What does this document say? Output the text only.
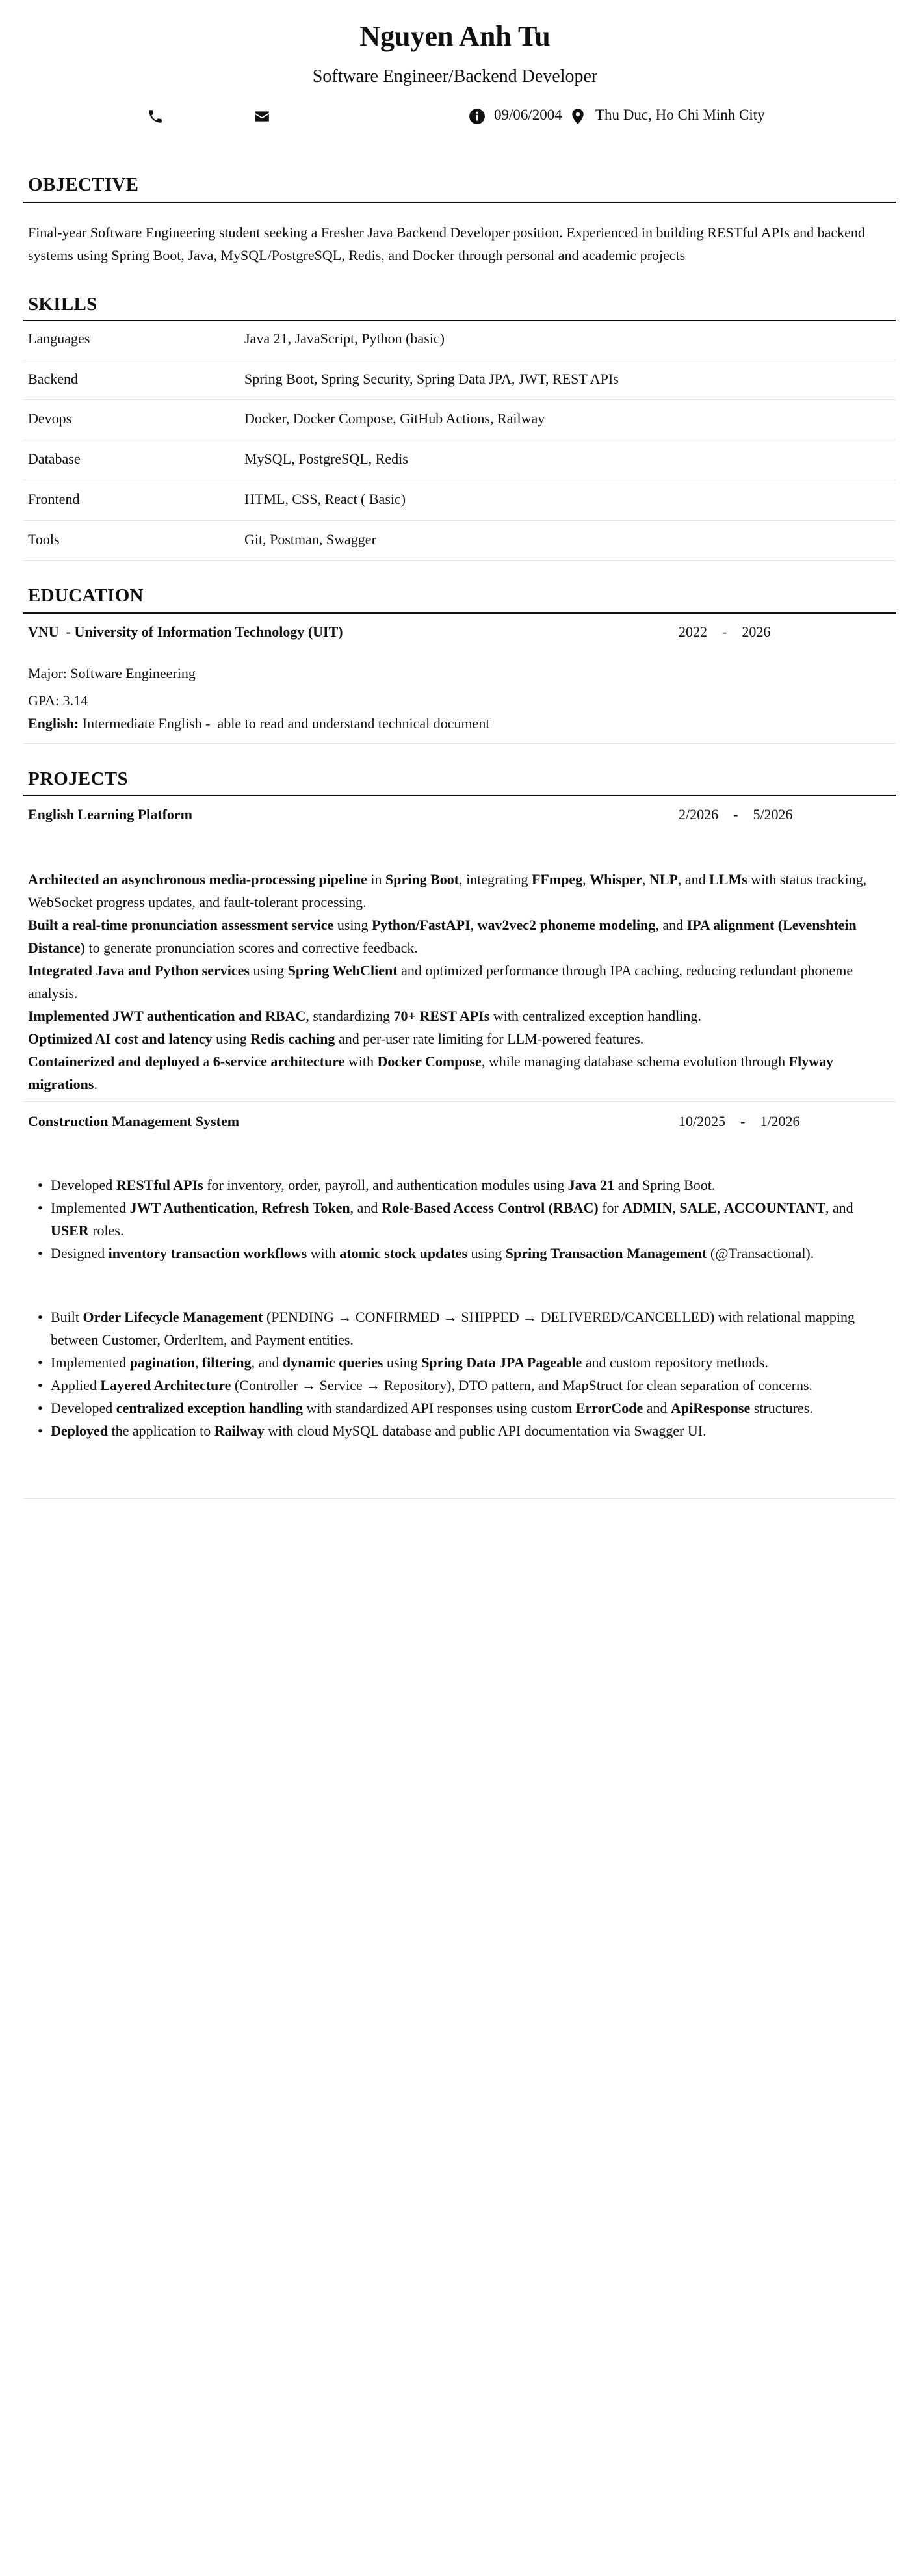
Nguyen Anh Tu
Software Engineer/Backend Developer
09/06/2004 Thu Duc, Ho Chi Minh City
OBJECTIVE
Final-year Software Engineering student seeking a Fresher Java Backend Developer position. Experienced in building RESTful APIs and backend systems using Spring Boot, Java, MySQL/PostgreSQL, Redis, and Docker through personal and academic projects
SKILLS
Languages	Java 21, JavaScript, Python (basic)
Backend	Spring Boot, Spring Security, Spring Data JPA, JWT, REST APIs
Devops	Docker, Docker Compose, GitHub Actions, Railway
Database	MySQL, PostgreSQL, Redis
Frontend	HTML, CSS, React ( Basic)
Tools	Git, Postman, Swagger
EDUCATION
VNU  - University of Information Technology (UIT)	2022  -  2026
Major: Software Engineering
GPA: 3.14
English: Intermediate English -  able to read and understand technical document
PROJECTS
English Learning Platform	2/2026  -  5/2026

Architected an asynchronous media-processing pipeline in Spring Boot, integrating FFmpeg, Whisper, NLP, and LLMs with status tracking, WebSocket progress updates, and fault-tolerant processing.

Built a real-time pronunciation assessment service using Python/FastAPI, wav2vec2 phoneme modeling, and IPA alignment (Levenshtein Distance) to generate pronunciation scores and corrective feedback.

Integrated Java and Python services using Spring WebClient and optimized performance through IPA caching, reducing redundant phoneme analysis.

Implemented JWT authentication and RBAC, standardizing 70+ REST APIs with centralized exception handling.

Optimized AI cost and latency using Redis caching and per-user rate limiting for LLM-powered features.

Containerized and deployed a 6-service architecture with Docker Compose, while managing database schema evolution through Flyway migrations.

Construction Management System	10/2025  -  1/2026
• Developed RESTful APIs for inventory, order, payroll, and authentication modules using Java 21 and Spring Boot.
• Implemented JWT Authentication, Refresh Token, and Role-Based Access Control (RBAC) for ADMIN, SALE, ACCOUNTANT, and USER roles.
• Designed inventory transaction workflows with atomic stock updates using Spring Transaction Management (@Transactional).
• Built Order Lifecycle Management (PENDING → CONFIRMED → SHIPPED → DELIVERED/CANCELLED) with relational mapping between Customer, OrderItem, and Payment entities.
• Implemented pagination, filtering, and dynamic queries using Spring Data JPA Pageable and custom repository methods.
• Applied Layered Architecture (Controller → Service → Repository), DTO pattern, and MapStruct for clean separation of concerns.
• Developed centralized exception handling with standardized API responses using custom ErrorCode and ApiResponse structures.
• Deployed the application to Railway with cloud MySQL database and public API documentation via Swagger UI.
